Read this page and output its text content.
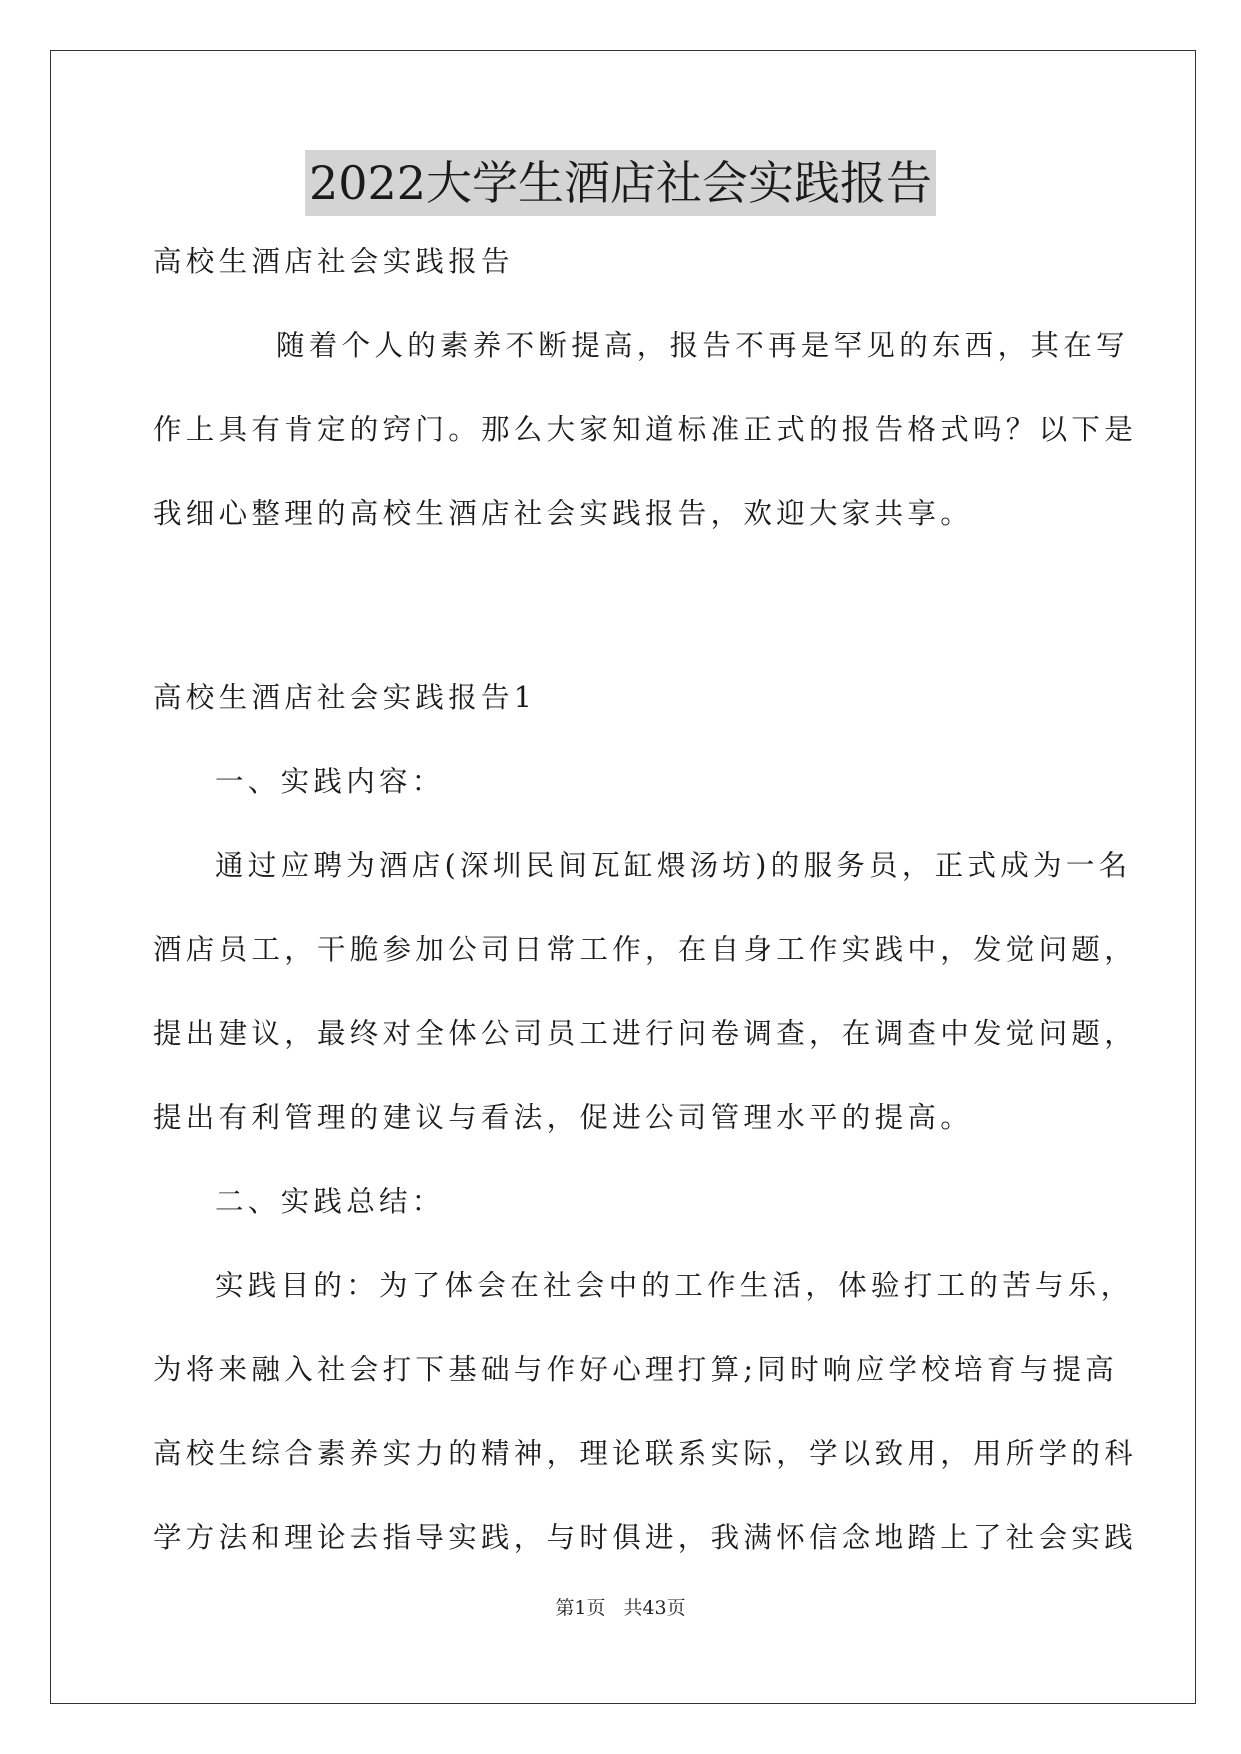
2022大学生酒店社会实践报告
高校生酒店社会实践报告
随着个人的素养不断提高，报告不再是罕见的东西，其在写
作上具有肯定的窍门。那么大家知道标准正式的报告格式吗？以下是
我细心整理的高校生酒店社会实践报告，欢迎大家共享。
高校生酒店社会实践报告1
一、实践内容：
通过应聘为酒店(深圳民间瓦缸煨汤坊)的服务员，正式成为一名
酒店员工，干脆参加公司日常工作，在自身工作实践中，发觉问题，
提出建议，最终对全体公司员工进行问卷调查，在调查中发觉问题，
提出有利管理的建议与看法，促进公司管理水平的提高。
二、实践总结：
实践目的：为了体会在社会中的工作生活，体验打工的苦与乐，
为将来融入社会打下基础与作好心理打算;同时响应学校培育与提高
高校生综合素养实力的精神，理论联系实际，学以致用，用所学的科
学方法和理论去指导实践，与时俱进，我满怀信念地踏上了社会实践
第1页 共43页
